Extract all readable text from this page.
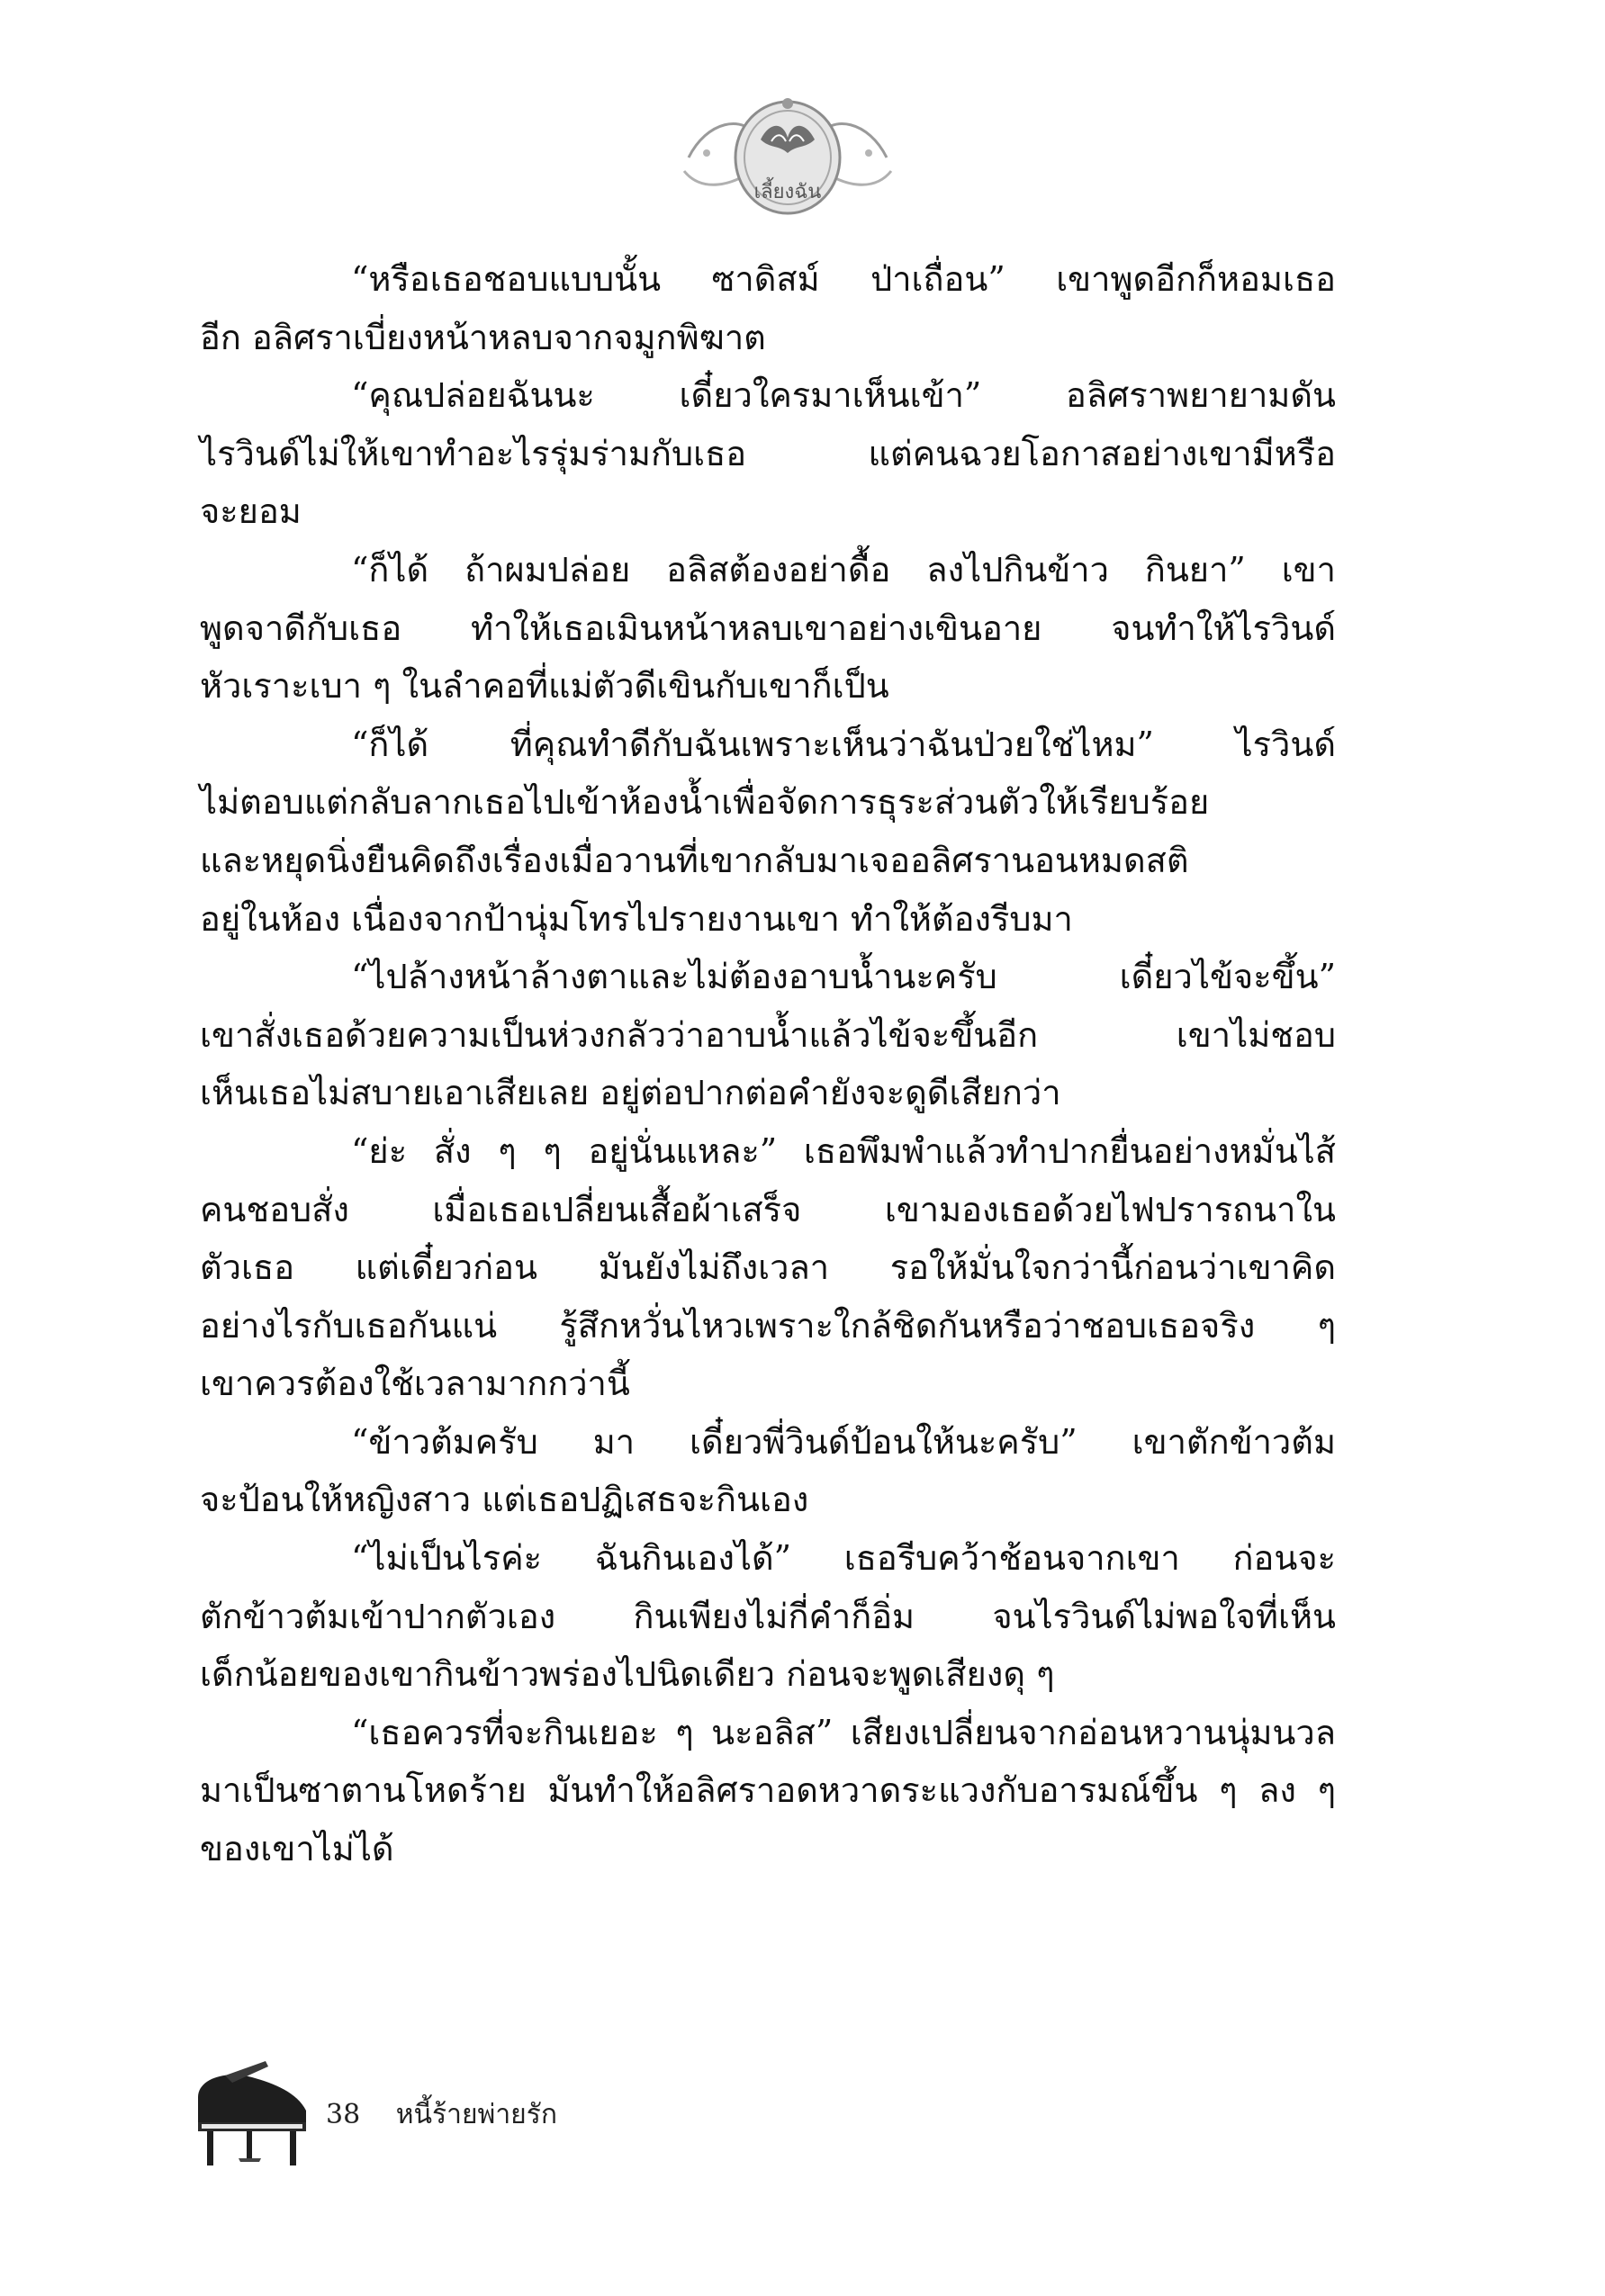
เลี้ยงฉัน
“หรือเธอชอบแบบนั้น ซาดิสม์ ป่าเถื่อน” เขาพูดอีกก็หอมเธอ
อีก อลิศราเบี่ยงหน้าหลบจากจมูกพิฆาต
“คุณปล่อยฉันนะ เดี๋ยวใครมาเห็นเข้า” อลิศราพยายามดัน
ไรวินด์ไม่ให้เขาทำอะไรรุ่มร่ามกับเธอ แต่คนฉวยโอกาสอย่างเขามีหรือ
จะยอม
“ก็ได้ ถ้าผมปล่อย อลิสต้องอย่าดื้อ ลงไปกินข้าว กินยา” เขา
พูดจาดีกับเธอ ทำให้เธอเมินหน้าหลบเขาอย่างเขินอาย จนทำให้ไรวินด์
หัวเราะเบา ๆ ในลำคอที่แม่ตัวดีเขินกับเขาก็เป็น
“ก็ได้ ที่คุณทำดีกับฉันเพราะเห็นว่าฉันป่วยใช่ไหม” ไรวินด์
ไม่ตอบแต่กลับลากเธอไปเข้าห้องน้ำเพื่อจัดการธุระส่วนตัวให้เรียบร้อย
และหยุดนิ่งยืนคิดถึงเรื่องเมื่อวานที่เขากลับมาเจออลิศรานอนหมดสติ
อยู่ในห้อง เนื่องจากป้านุ่มโทรไปรายงานเขา ทำให้ต้องรีบมา
“ไปล้างหน้าล้างตาและไม่ต้องอาบน้ำนะครับ เดี๋ยวไข้จะขึ้น”
เขาสั่งเธอด้วยความเป็นห่วงกลัวว่าอาบน้ำแล้วไข้จะขึ้นอีก เขาไม่ชอบ
เห็นเธอไม่สบายเอาเสียเลย อยู่ต่อปากต่อคำยังจะดูดีเสียกว่า
“ย่ะ สั่ง ๆ ๆ อยู่นั่นแหละ” เธอพึมพำแล้วทำปากยื่นอย่างหมั่นไส้
คนชอบสั่ง เมื่อเธอเปลี่ยนเสื้อผ้าเสร็จ เขามองเธอด้วยไฟปรารถนาใน
ตัวเธอ แต่เดี๋ยวก่อน มันยังไม่ถึงเวลา รอให้มั่นใจกว่านี้ก่อนว่าเขาคิด
อย่างไรกับเธอกันแน่ รู้สึกหวั่นไหวเพราะใกล้ชิดกันหรือว่าชอบเธอจริง ๆ
เขาควรต้องใช้เวลามากกว่านี้
“ข้าวต้มครับ มา เดี๋ยวพี่วินด์ป้อนให้นะครับ” เขาตักข้าวต้ม
จะป้อนให้หญิงสาว แต่เธอปฏิเสธจะกินเอง
“ไม่เป็นไรค่ะ ฉันกินเองได้” เธอรีบคว้าช้อนจากเขา ก่อนจะ
ตักข้าวต้มเข้าปากตัวเอง กินเพียงไม่กี่คำก็อิ่ม จนไรวินด์ไม่พอใจที่เห็น
เด็กน้อยของเขากินข้าวพร่องไปนิดเดียว ก่อนจะพูดเสียงดุ ๆ
“เธอควรที่จะกินเยอะ ๆ นะอลิส” เสียงเปลี่ยนจากอ่อนหวานนุ่มนวล
มาเป็นซาตานโหดร้าย มันทำให้อลิศราอดหวาดระแวงกับอารมณ์ขึ้น ๆ ลง ๆ
ของเขาไม่ได้
38 หนี้ร้ายพ่ายรัก
